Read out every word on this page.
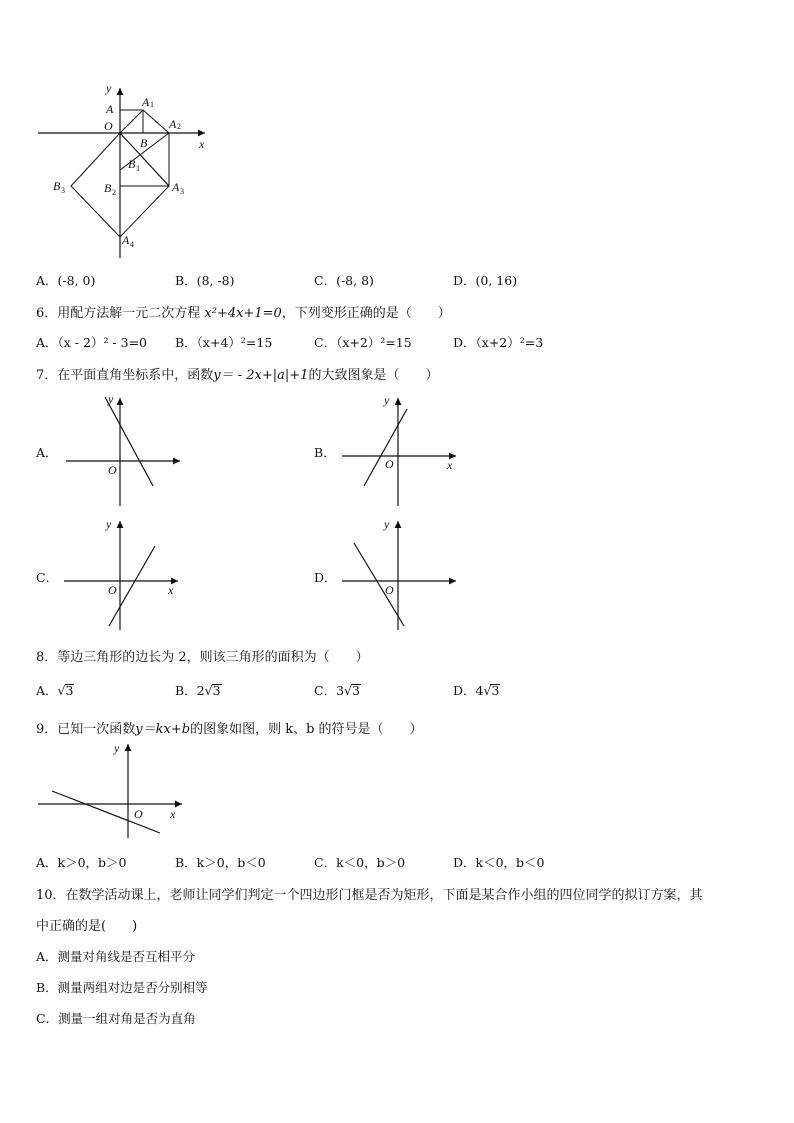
y
x
O
A A 1
A 2
B
B 1
B 2
B 3	A 3
A 4
A．(-8, 0)	B．(8, -8)	C．(-8, 8)	D．(0, 16)
6．用配方法解一元二次方程 x²+4x+1=0，下列变形正确的是（　　）
A．（x - 2）² - 3=0 B．（x+4）²=15	C．（x+2）²=15	D．（x+2）²=3
7．在平面直角坐标系中，函数y＝ - 2x+|a|+1的大致图象是（　　）
A．
y
O
B．
y
O	x
C．
y
O	x
D．
y
O
8．等边三角形的边长为 2，则该三角形的面积为（　　）
A．√3	B．2√3	C．3√3	D．4√3
9．已知一次函数y＝kx+b的图象如图，则 k、b 的符号是（　　）
y
O x
A．k＞0，b＞0	B．k＞0，b＜0	C．k＜0，b＞0	D．k＜0，b＜0
10．在数学活动课上，老师让同学们判定一个四边形门框是否为矩形，下面是某合作小组的四位同学的拟订方案，其
中正确的是(　　)
A．测量对角线是否互相平分
B．测量两组对边是否分别相等
C．测量一组对角是否为直角
